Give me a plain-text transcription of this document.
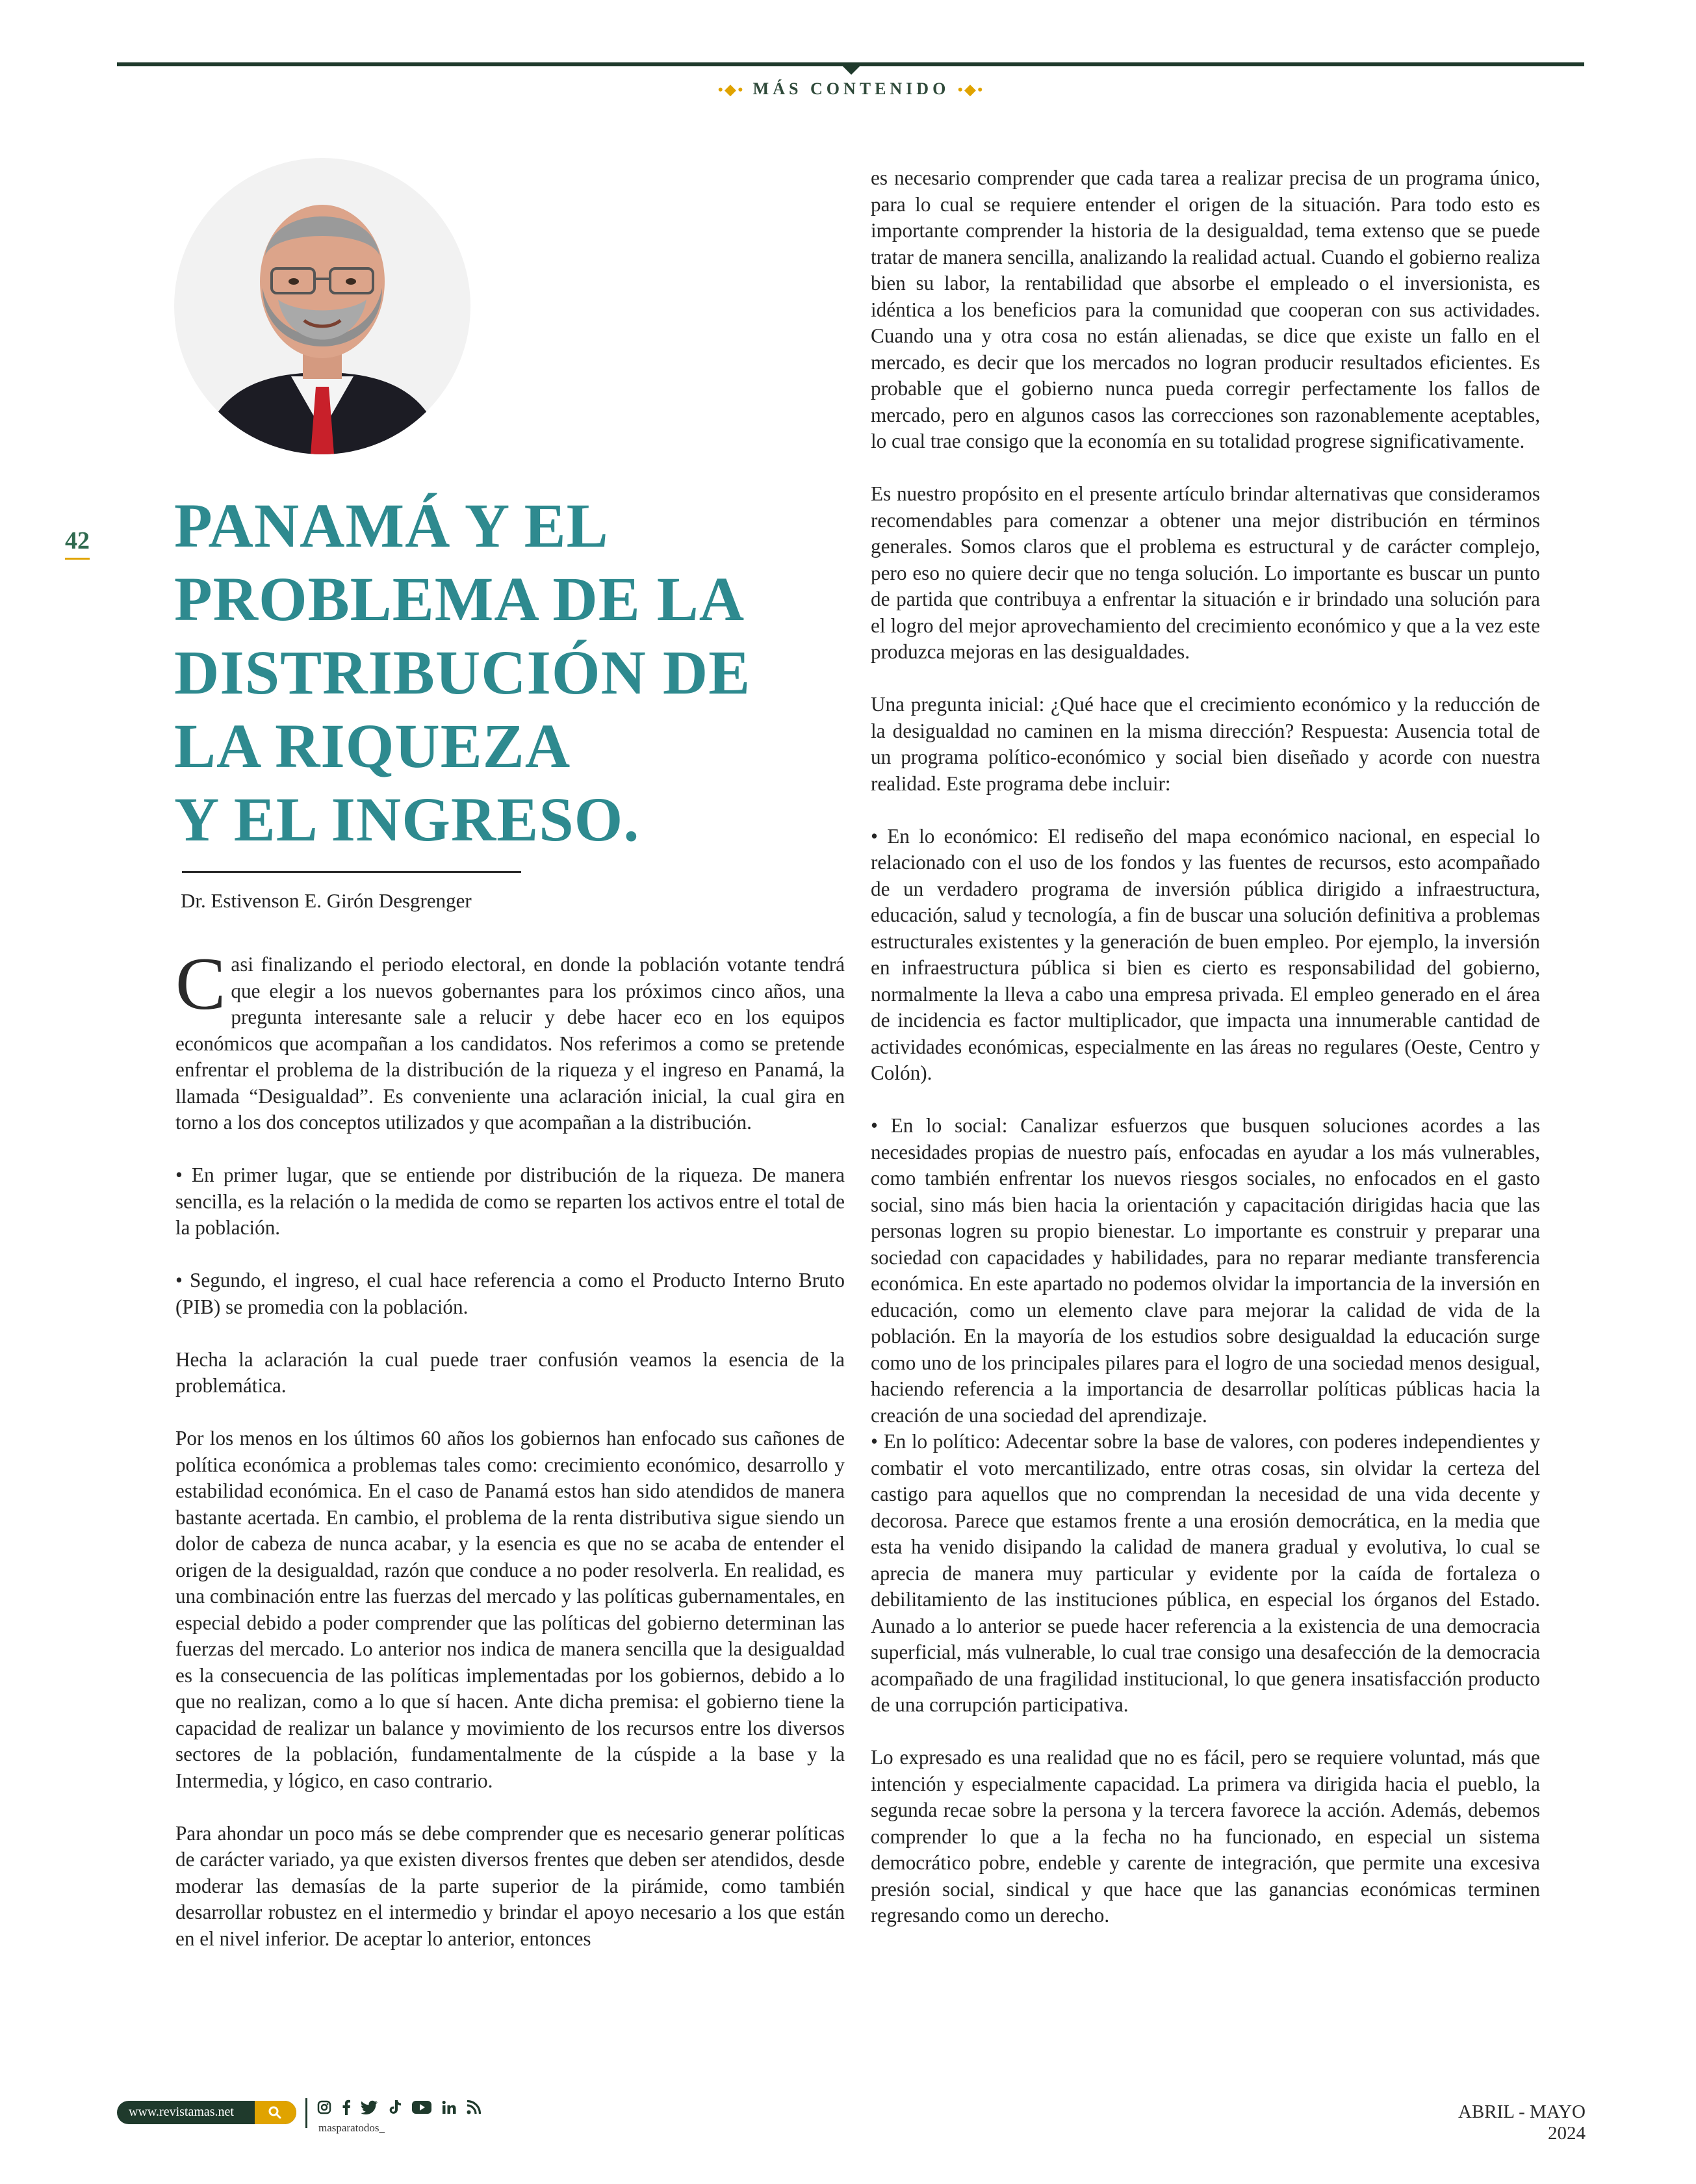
•◆• MÁS CONTENIDO •◆•
42 PANAMÁ Y EL
PROBLEMA DE LA
DISTRIBUCIÓN DE
LA RIQUEZA
Y EL INGRESO.
Dr. Estivenson E. Girón Desgrenger

Casi finalizando el periodo electoral, en donde la población votante tendrá que elegir a los nuevos gobernantes para los próximos cinco años, una pregunta interesante sale a relucir y debe hacer eco en los equipos económicos que acompañan a los candidatos. Nos referimos a como se pretende enfrentar el problema de la distribución de la riqueza y el ingreso en Panamá, la llamada “Desigualdad”. Es conveniente una aclaración inicial, la cual gira en torno a los dos conceptos utilizados y que acompañan a la distribución.

• En primer lugar, que se entiende por distribución de la riqueza. De manera sencilla, es la relación o la medida de como se reparten los activos entre el total de la población.

• Segundo, el ingreso, el cual hace referencia a como el Producto Interno Bruto (PIB) se promedia con la población.

Hecha la aclaración la cual puede traer confusión veamos la esencia de la problemática.

Por los menos en los últimos 60 años los gobiernos han enfocado sus cañones de política económica a problemas tales como: crecimiento económico, desarrollo y estabilidad económica. En el caso de Panamá estos han sido atendidos de manera bastante acertada. En cambio, el problema de la renta distributiva sigue siendo un dolor de cabeza de nunca acabar, y la esencia es que no se acaba de entender el origen de la desigualdad, razón que conduce a no poder resolverla. En realidad, es una combinación entre las fuerzas del mercado y las políticas gubernamentales, en especial debido a poder comprender que las políticas del gobierno determinan las fuerzas del mercado. Lo anterior nos indica de manera sencilla que la desigualdad es la consecuencia de las políticas implementadas por los gobiernos, debido a lo que no realizan, como a lo que sí hacen. Ante dicha premisa: el gobierno tiene la capacidad de realizar un balance y movimiento de los recursos entre los diversos sectores de la población, fundamentalmente de la cúspide a la base y la Intermedia, y lógico, en caso contrario.

Para ahondar un poco más se debe comprender que es necesario generar políticas de carácter variado, ya que existen diversos frentes que deben ser atendidos, desde moderar las demasías de la parte superior de la pirámide, como también desarrollar robustez en el intermedio y brindar el apoyo necesario a los que están en el nivel inferior. De aceptar lo anterior, entonces

es necesario comprender que cada tarea a realizar precisa de un programa único, para lo cual se requiere entender el origen de la situación. Para todo esto es importante comprender la historia de la desigualdad, tema extenso que se puede tratar de manera sencilla, analizando la realidad actual. Cuando el gobierno realiza bien su labor, la rentabilidad que absorbe el empleado o el inversionista, es idéntica a los beneficios para la comunidad que cooperan con sus actividades. Cuando una y otra cosa no están alienadas, se dice que existe un fallo en el mercado, es decir que los mercados no logran producir resultados eficientes. Es probable que el gobierno nunca pueda corregir perfectamente los fallos de mercado, pero en algunos casos las correcciones son razonablemente aceptables, lo cual trae consigo que la economía en su totalidad progrese significativamente.

Es nuestro propósito en el presente artículo brindar alternativas que consideramos recomendables para comenzar a obtener una mejor distribución en términos generales. Somos claros que el problema es estructural y de carácter complejo, pero eso no quiere decir que no tenga solución. Lo importante es buscar un punto de partida que contribuya a enfrentar la situación e ir brindado una solución para el logro del mejor aprovechamiento del crecimiento económico y que a la vez este produzca mejoras en las desigualdades.

Una pregunta inicial: ¿Qué hace que el crecimiento económico y la reducción de la desigualdad no caminen en la misma dirección? Respuesta: Ausencia total de un programa político-económico y social bien diseñado y acorde con nuestra realidad. Este programa debe incluir:

• En lo económico: El rediseño del mapa económico nacional, en especial lo relacionado con el uso de los fondos y las fuentes de recursos, esto acompañado de un verdadero programa de inversión pública dirigido a infraestructura, educación, salud y tecnología, a fin de buscar una solución definitiva a problemas estructurales existentes y la generación de buen empleo. Por ejemplo, la inversión en infraestructura pública si bien es cierto es responsabilidad del gobierno, normalmente la lleva a cabo una empresa privada. El empleo generado en el área de incidencia es factor multiplicador, que impacta una innumerable cantidad de actividades económicas, especialmente en las áreas no regulares (Oeste, Centro y Colón).

• En lo social: Canalizar esfuerzos que busquen soluciones acordes a las necesidades propias de nuestro país, enfocadas en ayudar a los más vulnerables, como también enfrentar los nuevos riesgos sociales, no enfocados en el gasto social, sino más bien hacia la orientación y capacitación dirigidas hacia que las personas logren su propio bienestar. Lo importante es construir y preparar una sociedad con capacidades y habilidades, para no reparar mediante transferencia económica. En este apartado no podemos olvidar la importancia de la inversión en educación, como un elemento clave para mejorar la calidad de vida de la población. En la mayoría de los estudios sobre desigualdad la educación surge como uno de los principales pilares para el logro de una sociedad menos desigual, haciendo referencia a la importancia de desarrollar políticas públicas hacia la creación de una sociedad del aprendizaje.

• En lo político: Adecentar sobre la base de valores, con poderes independientes y combatir el voto mercantilizado, entre otras cosas, sin olvidar la certeza del castigo para aquellos que no comprendan la necesidad de una vida decente y decorosa. Parece que estamos frente a una erosión democrática, en la media que esta ha venido disipando la calidad de manera gradual y evolutiva, lo cual se aprecia de manera muy particular y evidente por la caída de fortaleza o debilitamiento de las instituciones pública, en especial los órganos del Estado. Aunado a lo anterior se puede hacer referencia a la existencia de una democracia superficial, más vulnerable, lo cual trae consigo una desafección de la democracia acompañado de una fragilidad institucional, lo que genera insatisfacción producto de una corrupción participativa.

Lo expresado es una realidad que no es fácil, pero se requiere voluntad, más que intención y especialmente capacidad. La primera va dirigida hacia el pueblo, la segunda recae sobre la persona y la tercera favorece la acción. Además, debemos comprender lo que a la fecha no ha funcionado, en especial un sistema democrático pobre, endeble y carente de integración, que permite una excesiva presión social, sindical y que hace que las ganancias económicas terminen regresando como un derecho.

www.revistamas.net
masparatodos_
ABRIL - MAYO 2024
